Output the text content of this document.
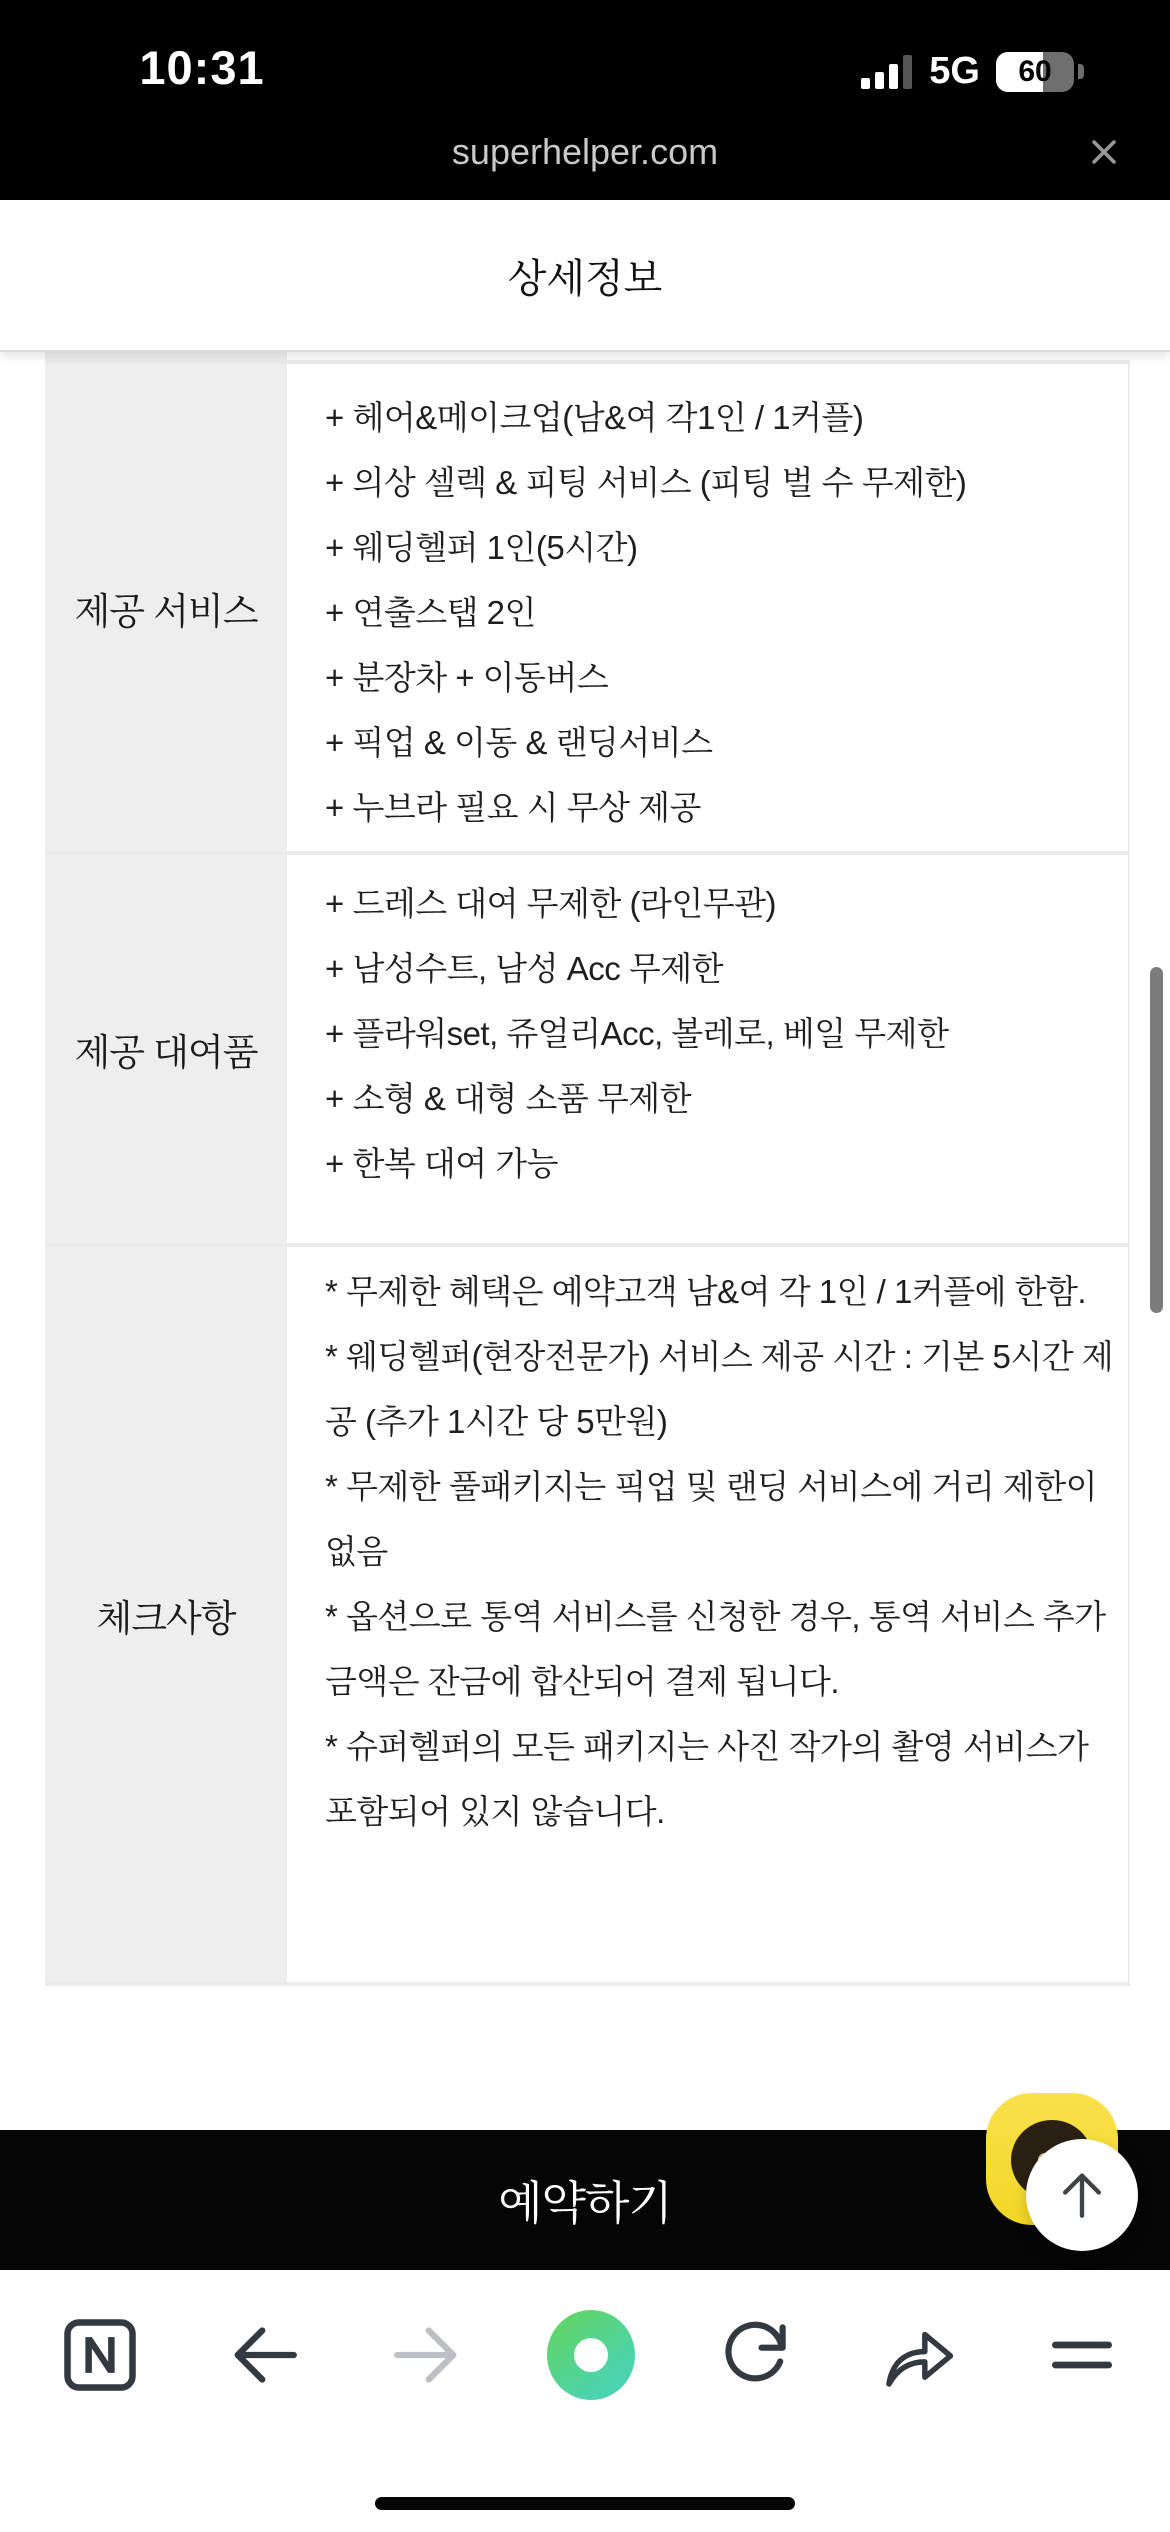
10:31	5G	60
superhelper.com
상세정보
제공 서비스
+ 헤어&메이크업(남&여 각1인 / 1커플)
+ 의상 셀렉 & 피팅 서비스 (피팅 벌 수 무제한)
+ 웨딩헬퍼 1인(5시간)
+ 연출스탭 2인
+ 분장차 + 이동버스
+ 픽업 & 이동 & 랜딩서비스
+ 누브라 필요 시 무상 제공
제공 대여품
+ 드레스 대여 무제한 (라인무관)
+ 남성수트, 남성 Acc 무제한
+ 플라워set, 쥬얼리Acc, 볼레로, 베일 무제한
+ 소형 & 대형 소품 무제한
+ 한복 대여 가능
체크사항

* 무제한 혜택은 예약고객 남&여 각 1인 / 1커플에 한함.

* 웨딩헬퍼(현장전문가) 서비스 제공 시간 : 기본 5시간 제공 (추가 1시간 당 5만원)

* 무제한 풀패키지는 픽업 및 랜딩 서비스에 거리 제한이 없음

* 옵션으로 통역 서비스를 신청한 경우, 통역 서비스 추가금액은 잔금에 합산되어 결제 됩니다.

* 슈퍼헬퍼의 모든 패키지는 사진 작가의 촬영 서비스가 포함되어 있지 않습니다.

예약하기
